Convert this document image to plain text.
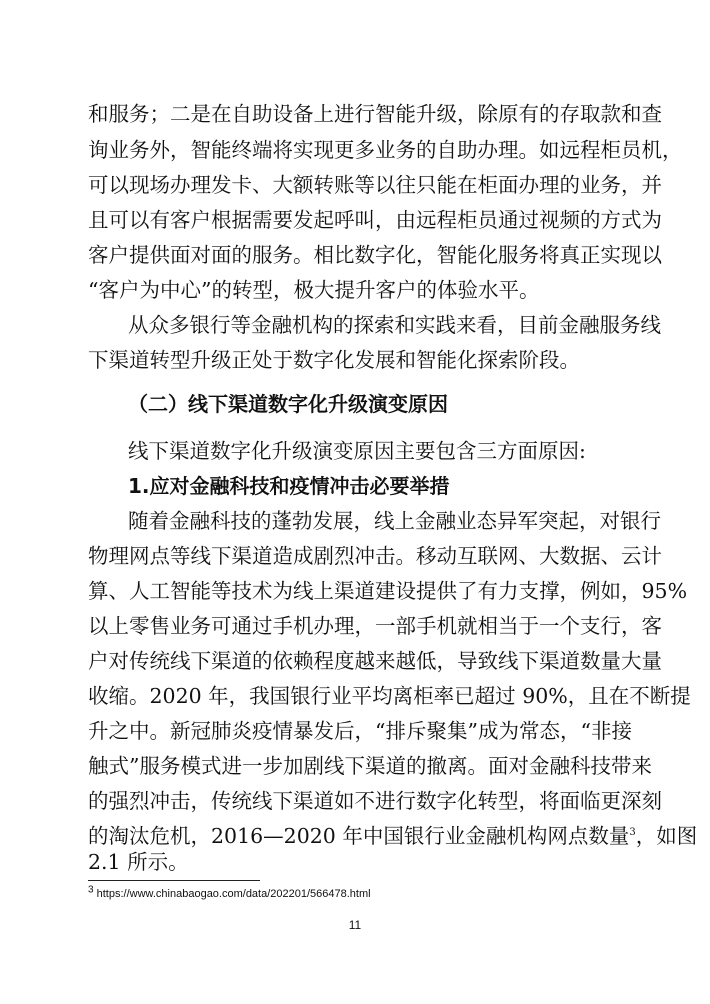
和服务；二是在自助设备上进行智能升级，除原有的存取款和查
询业务外，智能终端将实现更多业务的自助办理。如远程柜员机，
可以现场办理发卡、大额转账等以往只能在柜面办理的业务，并
且可以有客户根据需要发起呼叫，由远程柜员通过视频的方式为
客户提供面对面的服务。相比数字化，智能化服务将真正实现以
“客户为中心”的转型，极大提升客户的体验水平。
从众多银行等金融机构的探索和实践来看，目前金融服务线
下渠道转型升级正处于数字化发展和智能化探索阶段。
（二）线下渠道数字化升级演变原因
线下渠道数字化升级演变原因主要包含三方面原因:
1.应对金融科技和疫情冲击必要举措
随着金融科技的蓬勃发展，线上金融业态异军突起，对银行
物理网点等线下渠道造成剧烈冲击。移动互联网、大数据、云计
算、人工智能等技术为线上渠道建设提供了有力支撑，例如，95%
以上零售业务可通过手机办理，一部手机就相当于一个支行，客
户对传统线下渠道的依赖程度越来越低，导致线下渠道数量大量
收缩。2020 年，我国银行业平均离柜率已超过 90%，且在不断提
升之中。新冠肺炎疫情暴发后，“排斥聚集”成为常态，“非接
触式”服务模式进一步加剧线下渠道的撤离。面对金融科技带来
的强烈冲击，传统线下渠道如不进行数字化转型，将面临更深刻
的淘汰危机，2016—2020 年中国银行业金融机构网点数量$^3$，如图
2.1 所示。
$^3$ https://www.chinabaogao.com/data/202201/566478.html
11
